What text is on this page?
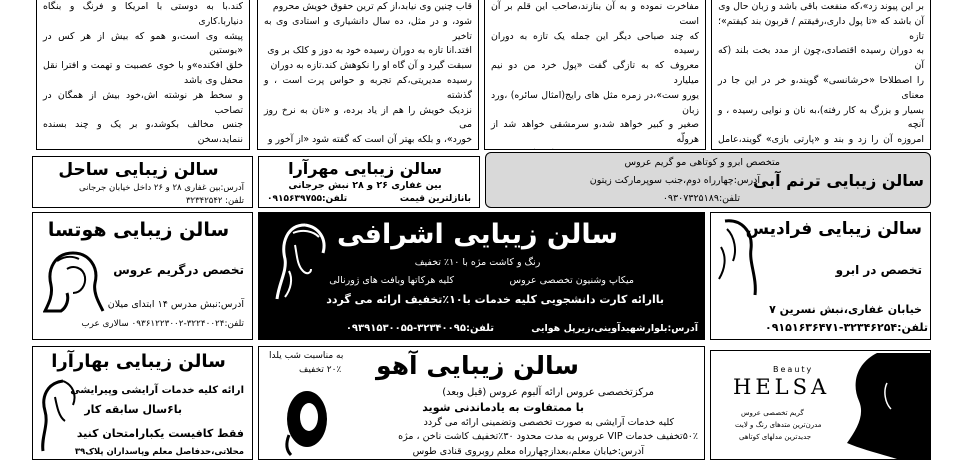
کند.با به دوستی با امریکا و فرنگ و بنگاه دنیاربا.کاری

پیشه وی است،و همو که بیش از هر کس در «بوستین

خلق افکنده»و با خوی عصبیت و تهمت و افترا نقل محفل وی باشد

و سخط هر نوشته اش،خود بیش از همگان در تصاحب

جنس مخالف بکوشد،و بر یک و چند بسنده ننماید،سخن

قاب چنین وی نیابد،از کم ترین حقوق خویش محروم

شود، و در مثل، ده سال دانشیاری و استادی وی به تاخیر

افتد.انا تازه به دوران رسیده خود به دوز و کلک بر وی

سبقت گیرد و آن گاه او را نکوهش کند.تازه به دوران

رسیده مدیریتی،کم تجربه و حواس پرت است ، و گذشته

نزدیک خویش را هم از یاد برده، و «نان به نرخ روز می

خورد»، و بلکه بهتر آن است که گفته شود «از آخور و

مفاخرت نموده و به آن بنازند،صاحب این قلم بر آن است

که چند صباحی دیگر این جمله یک تازه به دوران رسیده

معروف که به تازگی گفت «پول خرد من دو نیم میلیارد

یورو ست»،در زمره مثل های رایج(امثال سائره) ،ورد زبان

صغیر و کبیر خواهد شد،و سرمشقی خواهد شد از هرولّه

بر این پیوند زد»،که منفعت باقی باشد و زبان حال وی

آن باشد که «تا پول داری،رفیقتم / قربون بند کیفتم»؛تازه

به دوران رسیده اقتصادی،چون از مدد بخت بلند (که آن

را اصطلاحا «خرشانسی» گویند،و خر در این جا در معنای

بسیار و بزرگ به کار رفته)،به نان و نوایی رسیده ، و آنچه

امروزه آن را زد و بند و «پارتی بازی» گویند،عامل

سالن زیبایی ساحل
آدرس:بین غفاری ۲۸ و ۲۶ داخل خیابان جرجانی
تلفن: ۳۲۳۴۲۵۴۲
سالن زیبایی مهرآرا
بین غفاری ۲۶ و ۲۸ نبش جرجانی
تلفن:۰۹۱۵۶۳۹۷۵۵	بانازلترین قیمت
متخصص ابرو و کوتاهی مو گریم عروس
سالن زیبایی ترنم آبی
آدرس:چهارراه دوم،جنب سوپرمارکت زیتون
تلفن:۰۹۳۰۷۳۲۵۱۸۹
سالن زیبایی هوتسا
تخصص درگریم عروس
آدرس:نبش مدرس ۱۴ ابتدای میلان
تلفن:۳۲۲۴۰۰۲۴-۰۹۳۶۱۲۲۳۰۰۲ سالاری عرب
سالن زیبایی اشرافی
رنگ و کاشت مژه با ۱۰٪ تخفیف
میکاپ وشنیون تخصصی عروس
کلیه هرکاتها وبافت های ژورنالی
باارائه کارت دانشجویی کلیه خدمات با۱۰٪تخفیف ارائه می گردد
آدرس:بلوارشهیدآوینی،زیرپل هوایی
تلفن:۳۲۳۴۰۰۹۵-۰۹۳۹۱۵۳۰۰۵۵
سالن زیبایی فرادیس
تخصص در ابرو
خیابان غفاری،نبش نسرین ۷
تلفن:۳۲۳۴۶۲۵۴-۰۹۱۵۱۶۳۶۴۷۱
سالن زیبایی بهارآرا
ارائه کلیه خدمات آرایشی وپیرایشی
با۶سال سابقه کار
فقط کافیست یکبارامتحان کنید
محلاتی،حدفاصل معلم وپاسداران پلاک۳۹
به مناسبت شب یلدا
۲۰٪ تخفیف	سالن زیبایی آهو
مرکزتخصصی عروس ارائه آلبوم عروس (قبل وبعد)
با ممتفاوت به یادماندنی شوید
کلیه خدمات آرایشی به صورت تخصصی وتضمینی ارائه می گردد
۵۰٪تخفیف خدمات VIP عروس به مدت محدود ۳۰٪تخفیف کاشت ناخن ، مژه
آدرس:خیابان معلم،بعدازچهارراه معلم روبروی قنادی طوس
Beauty
HELSA
گریم تخصصی عروس
مدرن‌ترین متدهای رنگ و لایت
جدیدترین مدلهای کوتاهی
